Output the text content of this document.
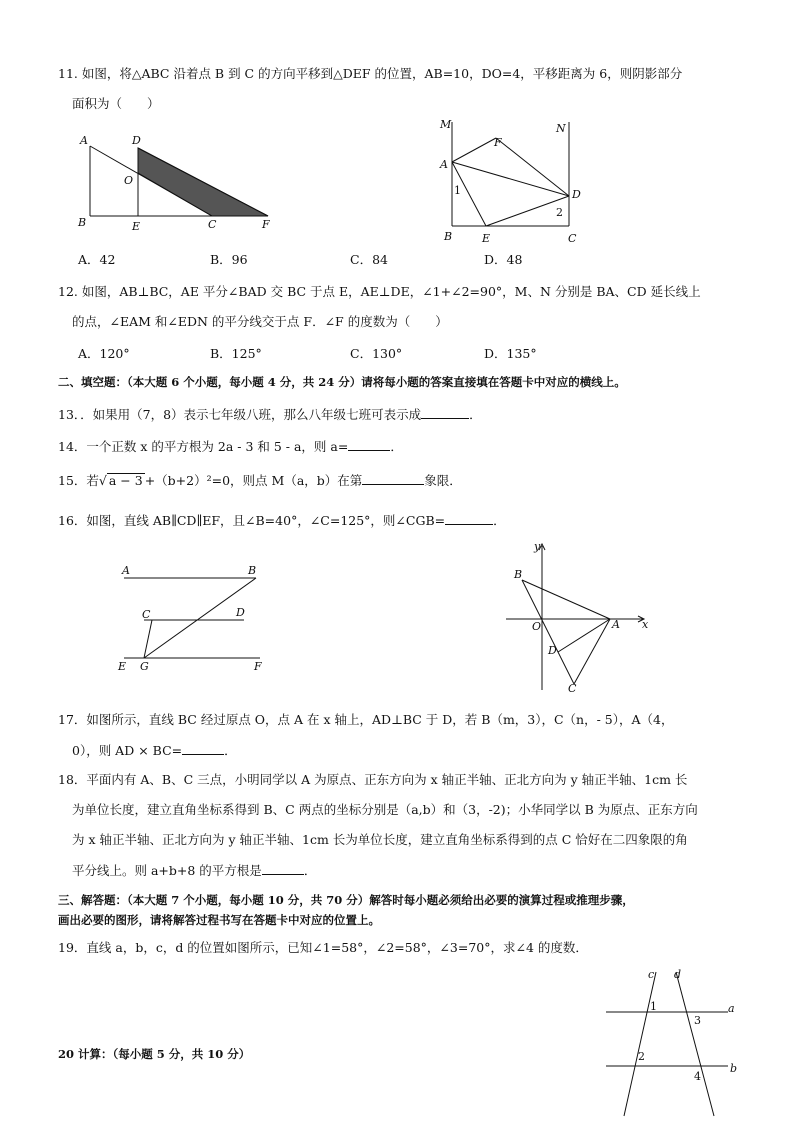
11. 如图，将△ABC 沿着点 B 到 C 的方向平移到△DEF 的位置，AB=10，DO=4，平移距离为 6，则阴影部分
面积为（　　）
A	D
O
B	E	C	F
M	N
F
A
1	D
2
B	E	C
A．42	B．96	C．84	D．48
12. 如图，AB⊥BC，AE 平分∠BAD 交 BC 于点 E，AE⊥DE，∠1+∠2=90°，M、N 分别是 BA、CD 延长线上
的点，∠EAM 和∠EDN 的平分线交于点 F．∠F 的度数为（　　）
A．120°	B．125°	C．130°	D．135°
二、填空题：（本大题 6 个小题，每小题 4 分，共 24 分）请将每小题的答案直接填在答题卡中对应的横线上。
13．．如果用（7，8）表示七年级八班，那么八年级七班可表示成	．
14．一个正数 x 的平方根为 2a - 3 和 5 - a，则 a=	．
15．若√ a − 3 +（b+2）²=0，则点 M（a，b）在第	象限．
16．如图，直线 AB∥CD∥EF，且∠B=40°，∠C=125°，则∠CGB=	．
A	B
C	D
E G	F
y
x
B
O	A
D
C
17．如图所示，直线 BC 经过原点 O，点 A 在 x 轴上，AD⊥BC 于 D，若 B（m，3），C（n，- 5），A（4，
0），则 AD × BC=	．
18．平面内有 A、B、C 三点，小明同学以 A 为原点、正东方向为 x 轴正半轴、正北方向为 y 轴正半轴、1cm 长
为单位长度，建立直角坐标系得到 B、C 两点的坐标分别是（a,b）和（3，-2)；小华同学以 B 为原点、正东方向
为 x 轴正半轴、正北方向为 y 轴正半轴、1cm 长为单位长度，建立直角坐标系得到的点 C 恰好在二四象限的角
平分线上。则 a+b+8 的平方根是	．
三、解答题：（本大题 7 个小题，每小题 10 分，共 70 分）解答时每小题必须给出必要的演算过程或推理步骤，
画出必要的图形，请将解答过程书写在答题卡中对应的位置上。
19．直线 a，b，c，d 的位置如图所示，已知∠1=58°，∠2=58°，∠3=70°，求∠4 的度数．
c d
1
3
a
2
4
b
20 计算：（每小题 5 分，共 10 分）
